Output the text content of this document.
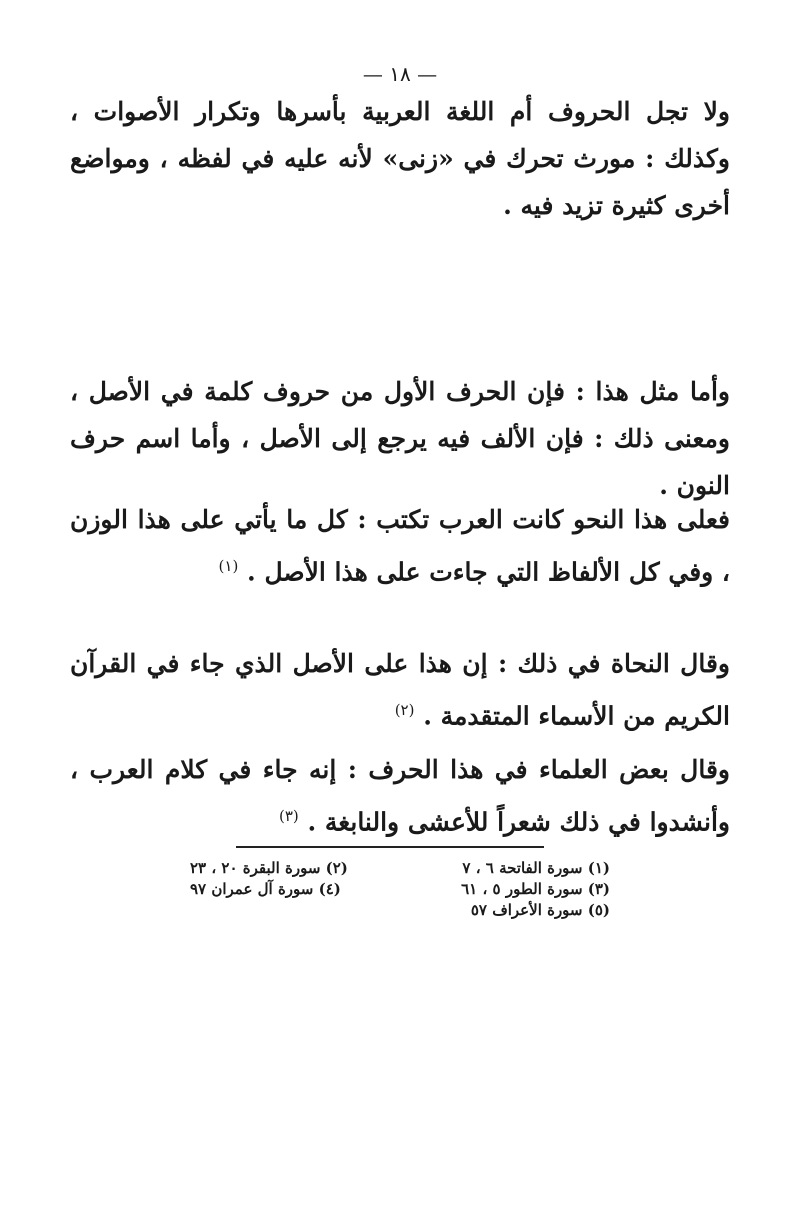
— ١٨ —

ولا تجل الحروف أم اللغة العربية بأسرها وتكرار الأصوات ، وكذلك : مورث تحرك في «زنى» لأنه عليه في لفظه ، ومواضع أخرى كثيرة تزيد فيه .

وأما مثل هذا : فإن الحرف الأول من حروف كلمة في الأصل ، ومعنى ذلك : فإن الألف فيه يرجع إلى الأصل ، وأما اسم حرف النون .

فعلى هذا النحو كانت العرب تكتب : كل ما يأتي على هذا الوزن ، وفي كل الألفاظ التي جاءت على هذا الأصل . $^{(١)}$

وقال النحاة في ذلك : إن هذا على الأصل الذي جاء في القرآن الكريم من الأسماء المتقدمة . $^{(٢)}$

وقال بعض العلماء في هذا الحرف : إنه جاء في كلام العرب ، وأنشدوا في ذلك شعراً للأعشى والنابغة . $^{(٣)}$

(١) سورة الفاتحة ٦ ، ٧
(٢) سورة البقرة ٢٠ ، ٢٣
(٣) سورة الطور ٥ ، ٦١
(٤) سورة آل عمران ٩٧
(٥) سورة الأعراف ٥٧
